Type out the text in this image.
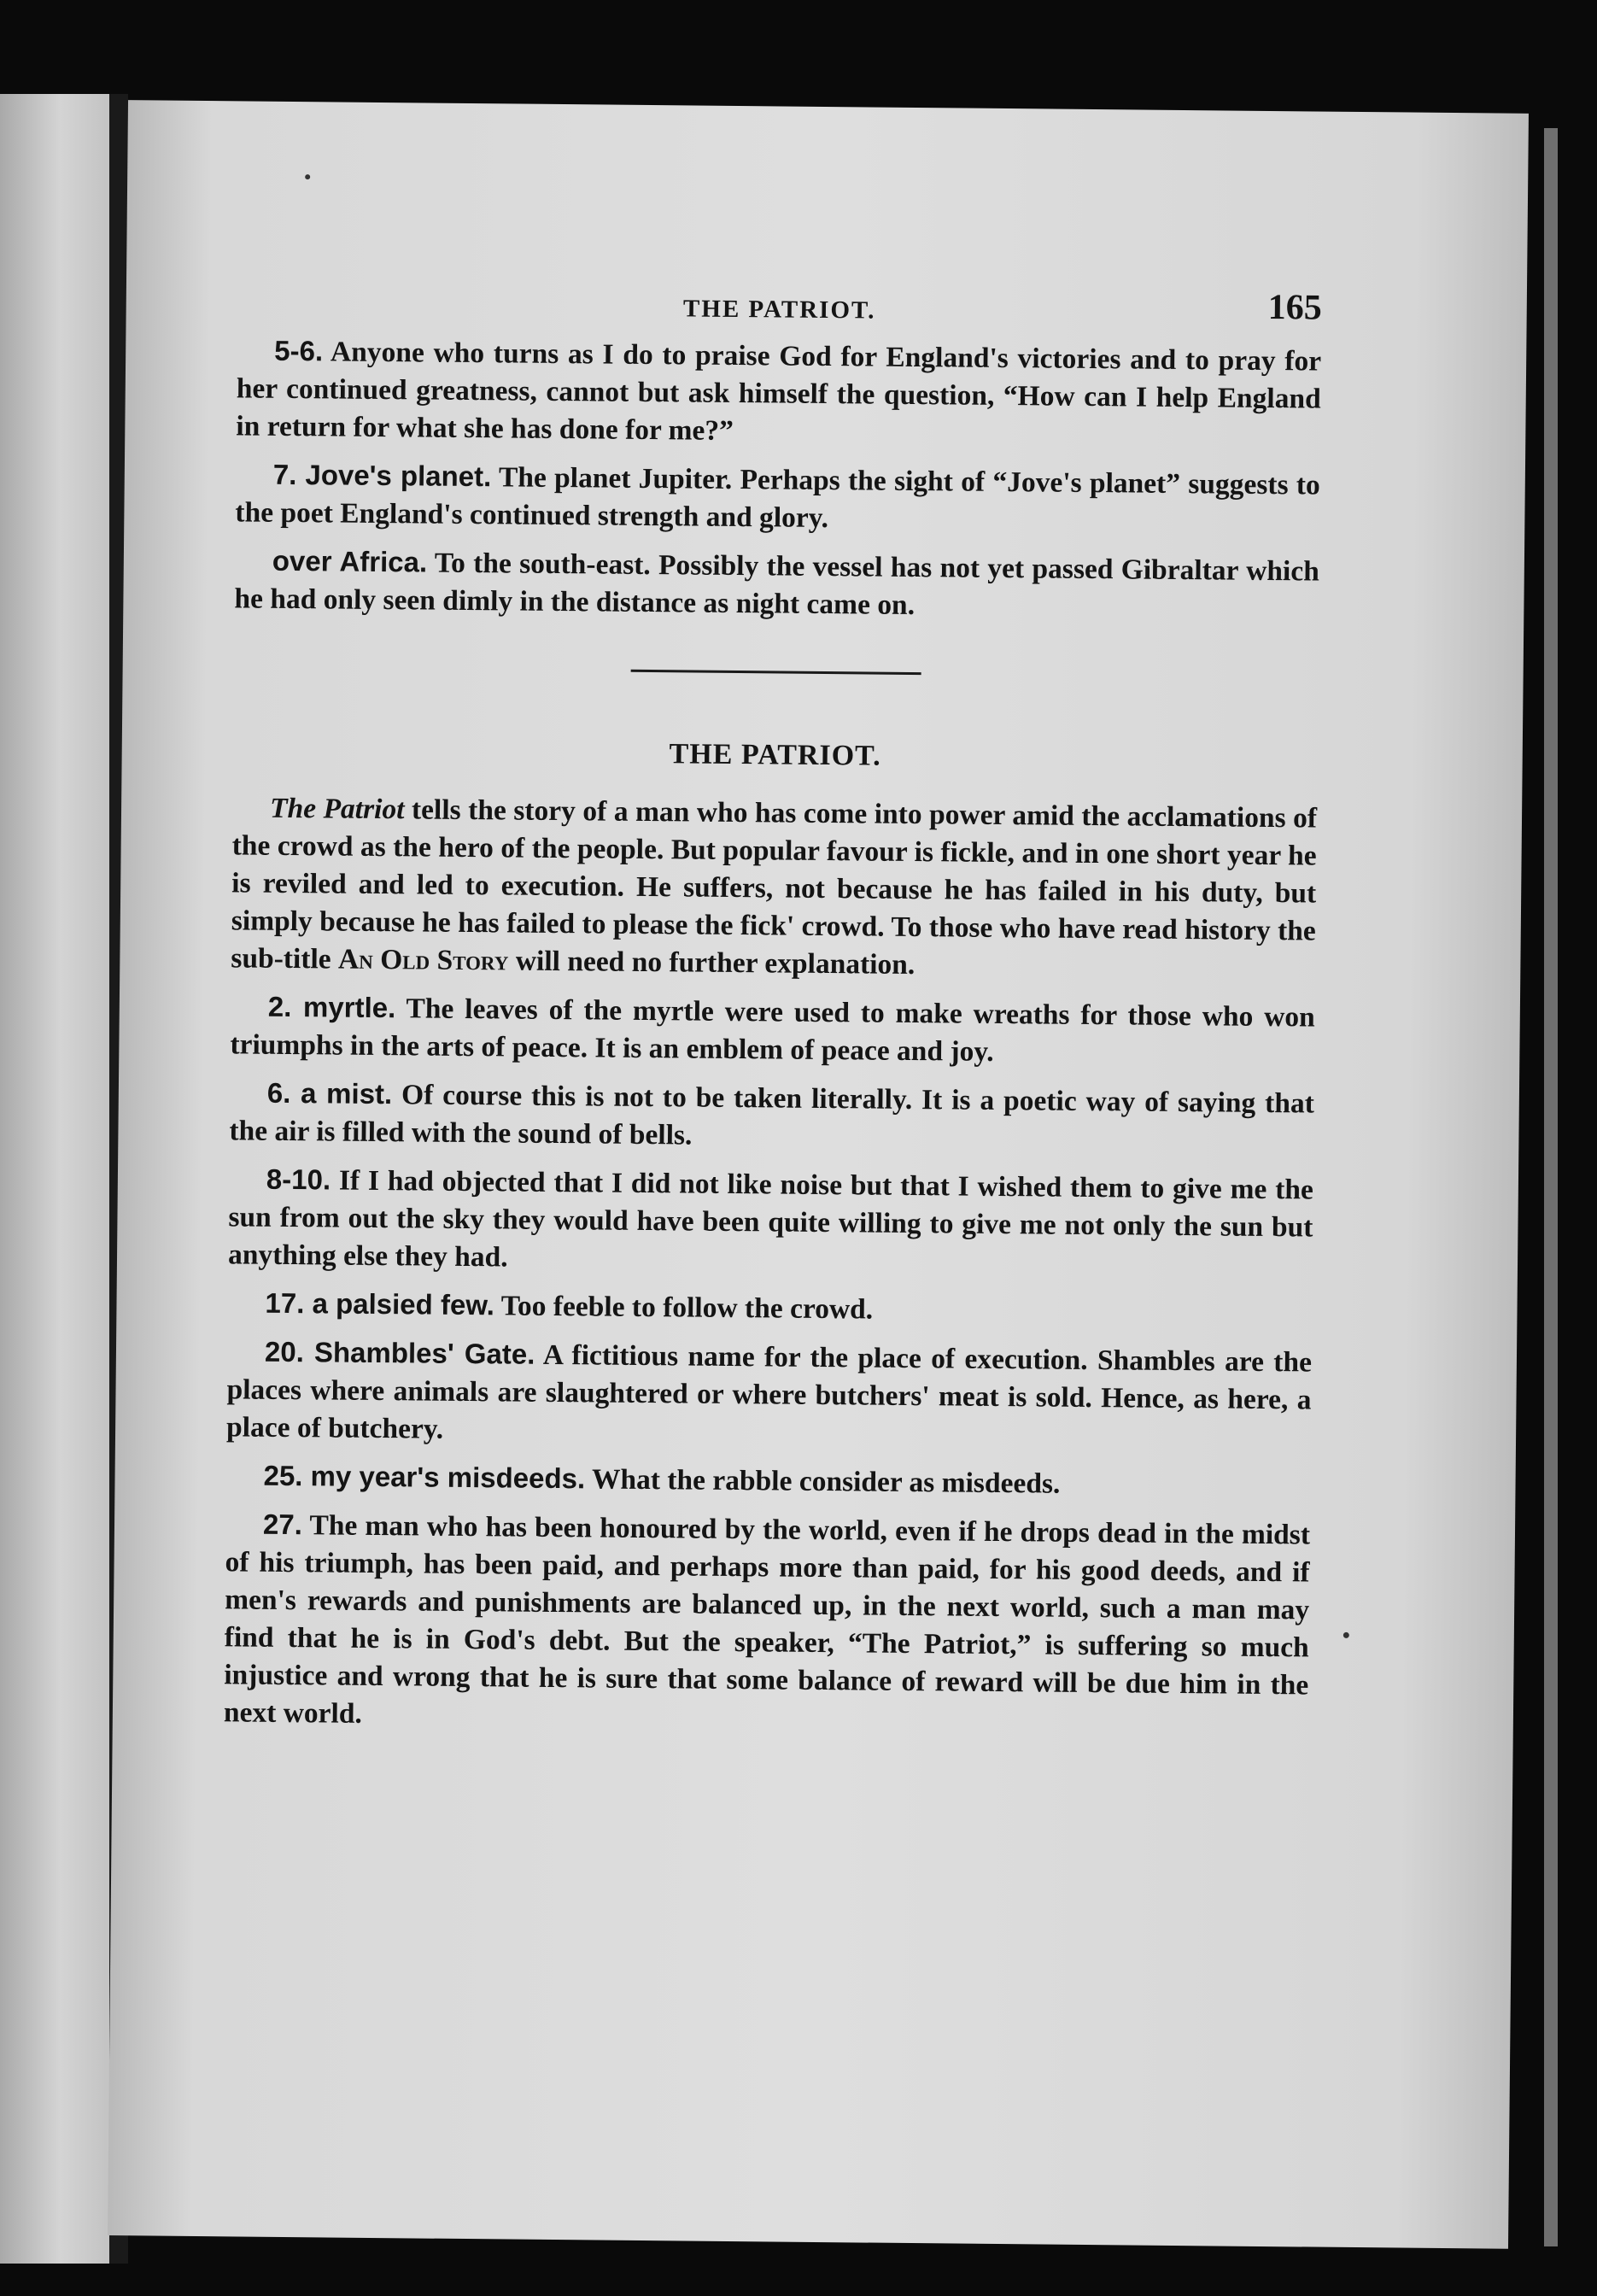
THE PATRIOT.	165

5-6. Anyone who turns as I do to praise God for England's victories and to pray for her continued greatness, cannot but ask himself the question, “How can I help England in return for what she has done for me?”

7. Jove's planet. The planet Jupiter. Perhaps the sight of “Jove's planet” suggests to the poet England's continued strength and glory.

over Africa. To the south-east. Possibly the vessel has not yet passed Gibraltar which he had only seen dimly in the distance as night came on.

THE PATRIOT.

The Patriot tells the story of a man who has come into power amid the acclamations of the crowd as the hero of the people. But popular favour is fickle, and in one short year he is reviled and led to execution. He suffers, not because he has failed in his duty, but simply because he has failed to please the fick' crowd. To those who have read history the sub-title An Old Story will need no further explanation.

2. myrtle. The leaves of the myrtle were used to make wreaths for those who won triumphs in the arts of peace. It is an emblem of peace and joy.

6. a mist. Of course this is not to be taken literally. It is a poetic way of saying that the air is filled with the sound of bells.

8-10. If I had objected that I did not like noise but that I wished them to give me the sun from out the sky they would have been quite willing to give me not only the sun but anything else they had.

17. a palsied few. Too feeble to follow the crowd.

20. Shambles' Gate. A fictitious name for the place of execution. Shambles are the places where animals are slaughtered or where butchers' meat is sold. Hence, as here, a place of butchery.

25. my year's misdeeds. What the rabble consider as misdeeds.

27. The man who has been honoured by the world, even if he drops dead in the midst of his triumph, has been paid, and perhaps more than paid, for his good deeds, and if men's rewards and punishments are balanced up, in the next world, such a man may find that he is in God's debt. But the speaker, “The Patriot,” is suffering so much injustice and wrong that he is sure that some balance of reward will be due him in the next world.
